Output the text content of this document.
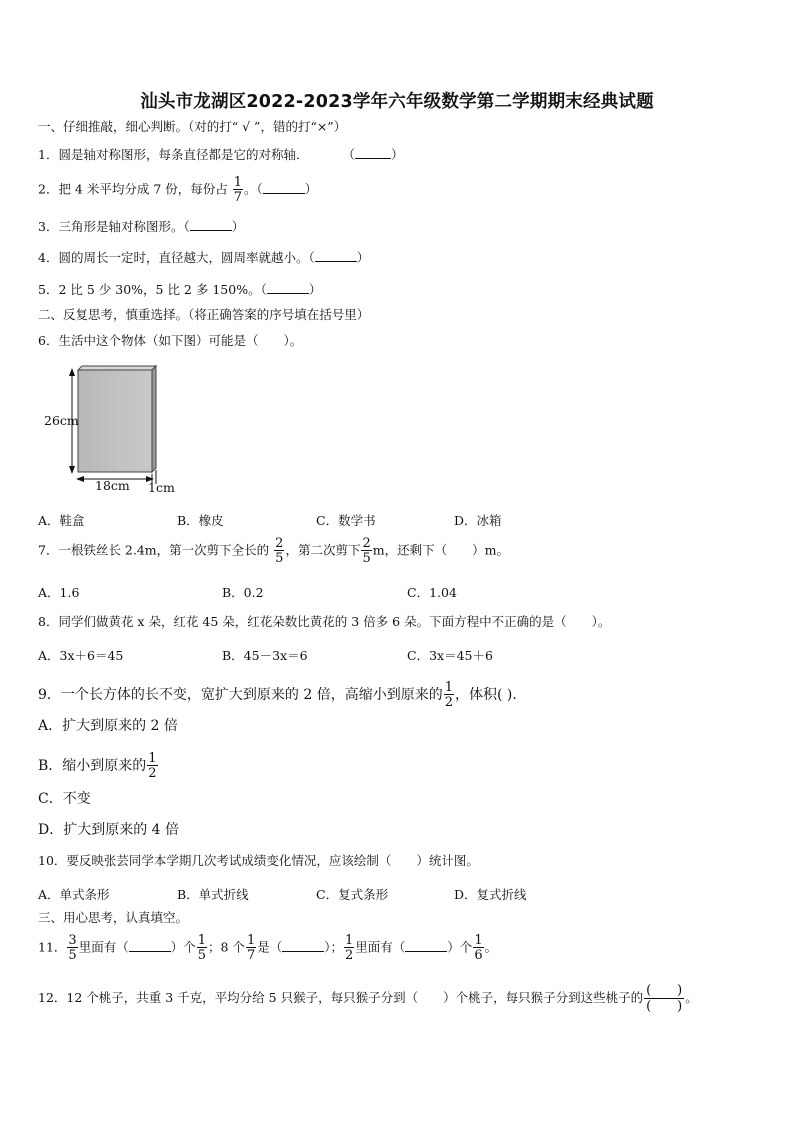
汕头市龙湖区2022-2023学年六年级数学第二学期期末经典试题
一、仔细推敲，细心判断。（对的打“ √ ”，错的打“×”）
1．圆是轴对称图形，每条直径都是它的对称轴．	（	）
2．把 4 米平均分成 7 份，每份占 $\frac{1}{7}$ 。（	）
3．三角形是轴对称图形。（	）
4．圆的周长一定时，直径越大，圆周率就越小。（	）
5．2 比 5 少 30%，5 比 2 多 150%。（	）
二、反复思考，慎重选择。（将正确答案的序号填在括号里）
6．生活中这个物体（如下图）可能是（　　）。
26cm
18cm 1cm
A．鞋盒	B．橡皮	C．数学书	D．冰箱
7．一根铁丝长 2.4m，第一次剪下全长的 $\frac{2}{5}$ ，第二次剪下 $\frac{2}{5}$ m，还剩下（　　）m。
A．1.6	B．0.2	C．1.04
8．同学们做黄花 x 朵，红花 45 朵，红花朵数比黄花的 3 倍多 6 朵。下面方程中不正确的是（　　）。
A．3x＋6＝45	B．45－3x＝6	C．3x＝45＋6
9．一个长方体的长不变，宽扩大到原来的 2 倍，高缩小到原来的 $\frac{1}{2}$ ，体积( ).
A．扩大到原来的 2 倍
B．缩小到原来的 $\frac{1}{2}$
C．不变
D．扩大到原来的 4 倍
10．要反映张芸同学本学期几次考试成绩变化情况，应该绘制（　　）统计图。
A．单式条形	B．单式折线	C．复式条形	D．复式折线
三、用心思考，认真填空。
11． $\frac{3}{5}$ 里面有（	）个 $\frac{1}{5}$ ；8 个 $\frac{1}{7}$ 是（	）； $\frac{1}{2}$ 里面有（	）个 $\frac{1}{6}$ 。
12．12 个桃子，共重 3 千克，平均分给 5 只猴子，每只猴子分到（　　）个桃子，每只猴子分到这些桃子的 $\frac{( )}{( )}$ 。
